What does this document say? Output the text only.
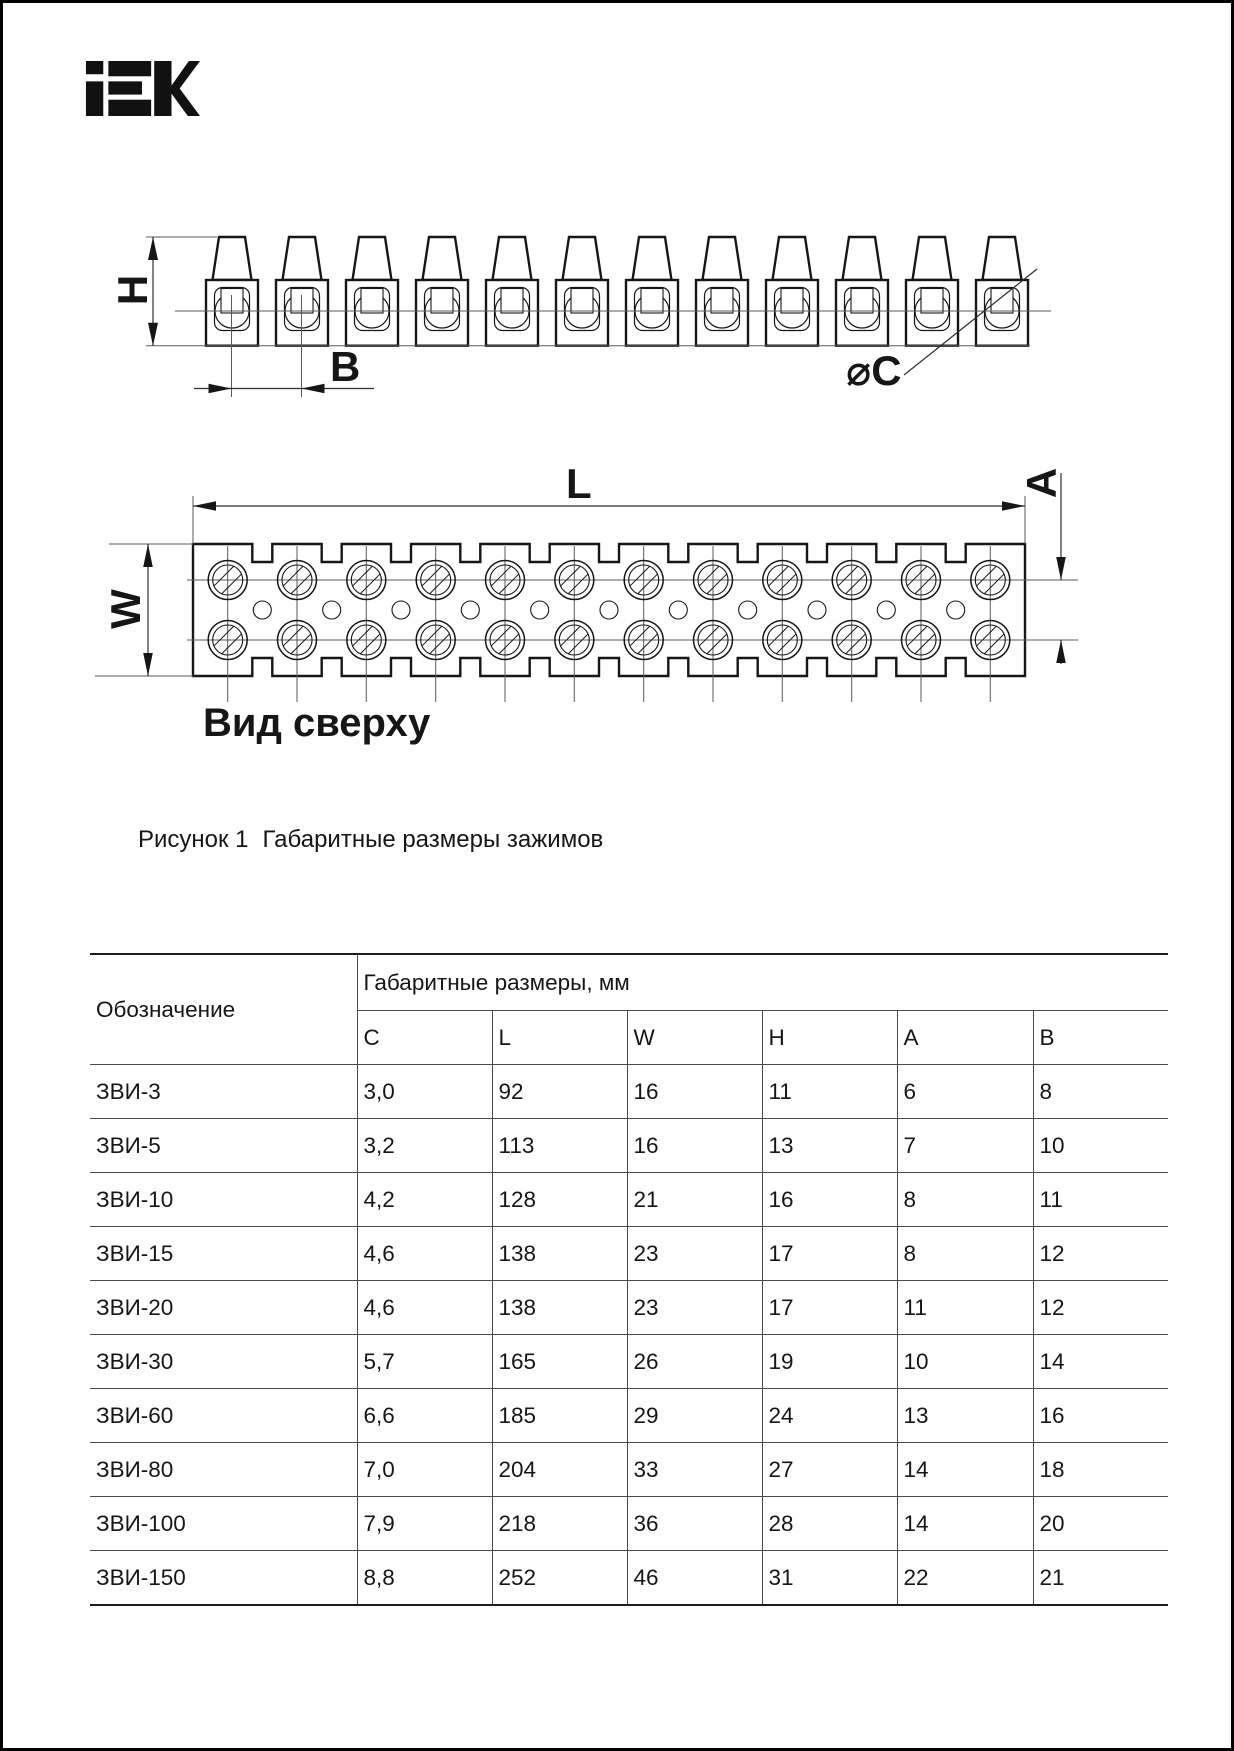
H
B	⌀C
L
W
A
Вид сверху
Рисунок 1 Габаритные размеры зажимов
Обозначение	Габаритные размеры, мм					
	C	L	W	H	A	B
ЗВИ-3	3,0	92	16	11	6	8
ЗВИ-5	3,2	113	16	13	7	10
ЗВИ-10	4,2	128	21	16	8	11
ЗВИ-15	4,6	138	23	17	8	12
ЗВИ-20	4,6	138	23	17	11	12
ЗВИ-30	5,7	165	26	19	10	14
ЗВИ-60	6,6	185	29	24	13	16
ЗВИ-80	7,0	204	33	27	14	18
ЗВИ-100	7,9	218	36	28	14	20
ЗВИ-150	8,8	252	46	31	22	21
